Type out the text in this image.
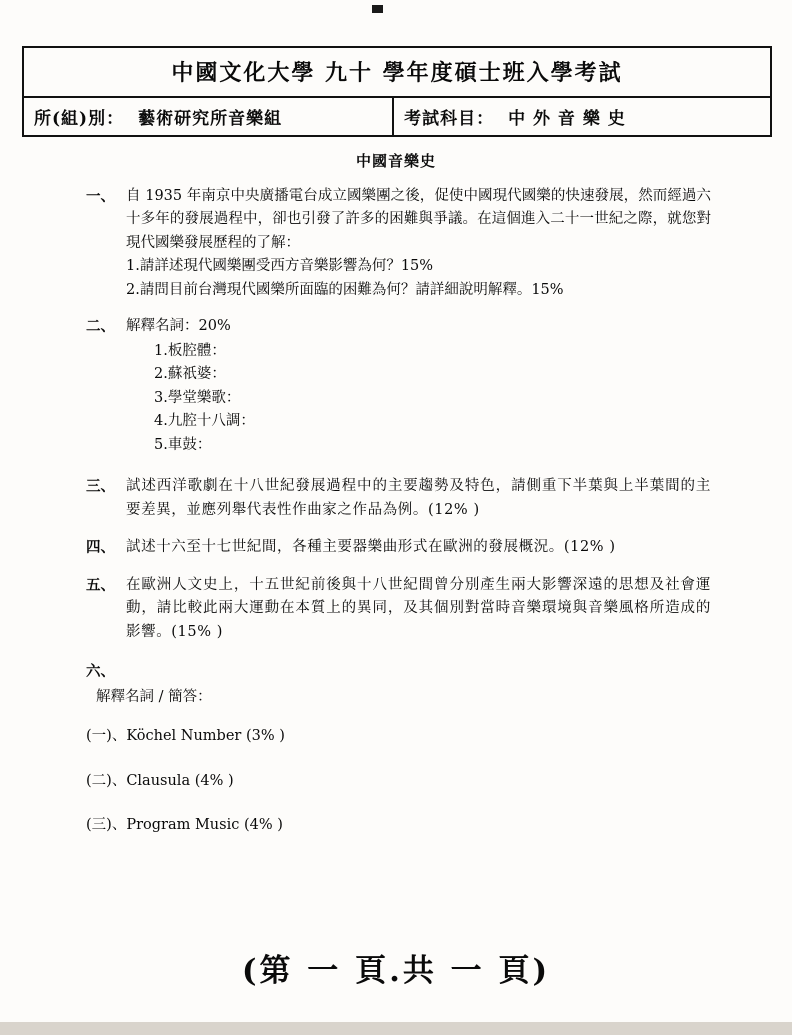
中國文化大學 九十 學年度碩士班入學考試
所(組)別： 藝術研究所音樂組	考試科目： 中 外 音 樂 史
中國音樂史
一、 自 1935 年南京中央廣播電台成立國樂團之後，促使中國現代國樂的快速發展，然而經過六十多年的發展過程中，卻也引發了許多的困難與爭議。在這個進入二十一世紀之際，就您對現代國樂發展歷程的了解：

1.請詳述現代國樂團受西方音樂影響為何？15%

2.請問目前台灣現代國樂所面臨的困難為何？請詳細說明解釋。15%

二、 解釋名詞：20%

1.板腔體：

2.蘇祇婆：

3.學堂樂歌：

4.九腔十八調：

5.車鼓：

三、 試述西洋歌劇在十八世紀發展過程中的主要趨勢及特色，請側重下半葉與上半葉間的主要差異，並應列舉代表性作曲家之作品為例。(12% )

四、 試述十六至十七世紀間，各種主要器樂曲形式在歐洲的發展概況。(12% )

五、 在歐洲人文史上，十五世紀前後與十八世紀間曾分別產生兩大影響深遠的思想及社會運動，請比較此兩大運動在本質上的異同，及其個別對當時音樂環境與音樂風格所造成的影響。(15% )

六、
解釋名詞 / 簡答：

(一)、Köchel Number (3% )

(二)、Clausula (4% )

(三)、Program Music (4% )

(第 一 頁.共 一 頁)
